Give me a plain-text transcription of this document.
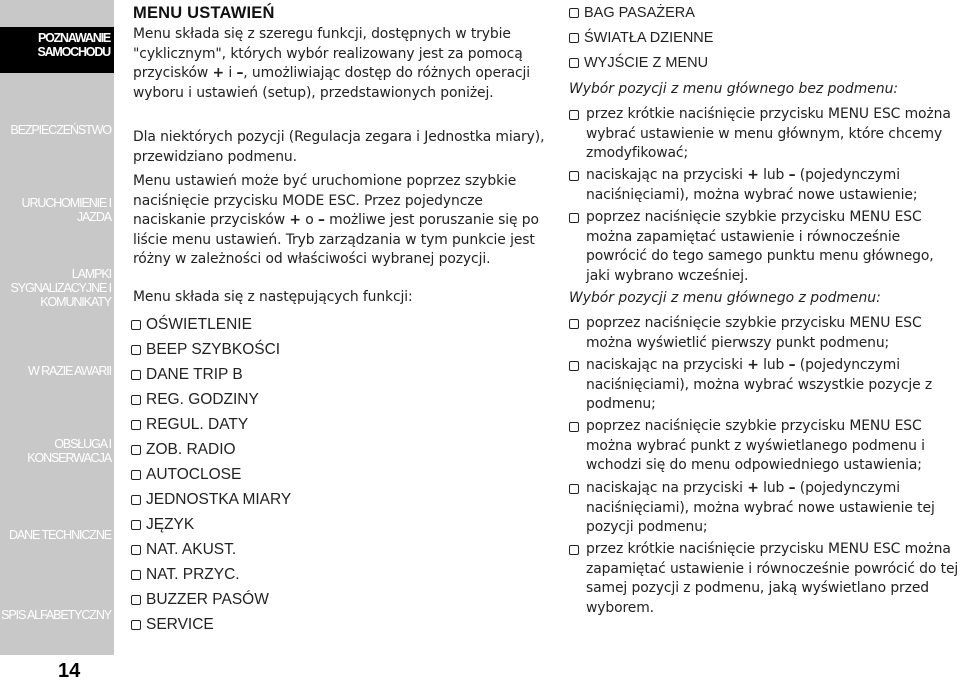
POZNAWANIE
SAMOCHODU
BEZPIECZEŃSTWO
URUCHOMIENIE I
JAZDA
LAMPKI
SYGNALIZACYJNE I
KOMUNIKATY
W RAZIE AWARII
OBSŁUGA I
KONSERWACJA
DANE TECHNICZNE
SPIS ALFABETYCZNY
14
MENU USTAWIEŃ

Menu składa się z szeregu funkcji, dostępnych w trybie "cyklicznym", których wybór realizowany jest za pomocą przycisków + i –, umożliwiając dostęp do różnych operacji wyboru i ustawień (setup), przedstawionych poniżej.

Dla niektórych pozycji (Regulacja zegara i Jednostka miary), przewidziano podmenu.

Menu ustawień może być uruchomione poprzez szybkie naciśnięcie przycisku MODE ESC. Przez pojedyncze naciskanie przycisków + o – możliwe jest poruszanie się po liście menu ustawień. Tryb zarządzania w tym punkcie jest różny w zależności od właściwości wybranej pozycji.

Menu składa się z następujących funkcji:

OŚWIETLENIE
BEEP SZYBKOŚCI
DANE TRIP B
REG. GODZINY
REGUL. DATY
ZOB. RADIO
AUTOCLOSE
JEDNOSTKA MIARY
JĘZYK
NAT. AKUST.
NAT. PRZYC.
BUZZER PASÓW
SERVICE
BAG PASAŻERA
ŚWIATŁA DZIENNE
WYJŚCIE Z MENU
Wybór pozycji z menu głównego bez podmenu:
przez krótkie naciśnięcie przycisku MENU ESC można wybrać ustawienie w menu głównym, które chcemy zmodyfikować;
naciskając na przyciski + lub – (pojedynczymi naciśnięciami), można wybrać nowe ustawienie;
poprzez naciśnięcie szybkie przycisku MENU ESC można zapamiętać ustawienie i równocześnie powrócić do tego samego punktu menu głównego, jaki wybrano wcześniej.
Wybór pozycji z menu głównego z podmenu:
poprzez naciśnięcie szybkie przycisku MENU ESC można wyświetlić pierwszy punkt podmenu;
naciskając na przyciski + lub – (pojedynczymi naciśnięciami), można wybrać wszystkie pozycje z podmenu;
poprzez naciśnięcie szybkie przycisku MENU ESC można wybrać punkt z wyświetlanego podmenu i wchodzi się do menu odpowiedniego ustawienia;
naciskając na przyciski + lub – (pojedynczymi naciśnięciami), można wybrać nowe ustawienie tej pozycji podmenu;
przez krótkie naciśnięcie przycisku MENU ESC można zapamiętać ustawienie i równocześnie powrócić do tej samej pozycji z podmenu, jaką wyświetlano przed wyborem.
